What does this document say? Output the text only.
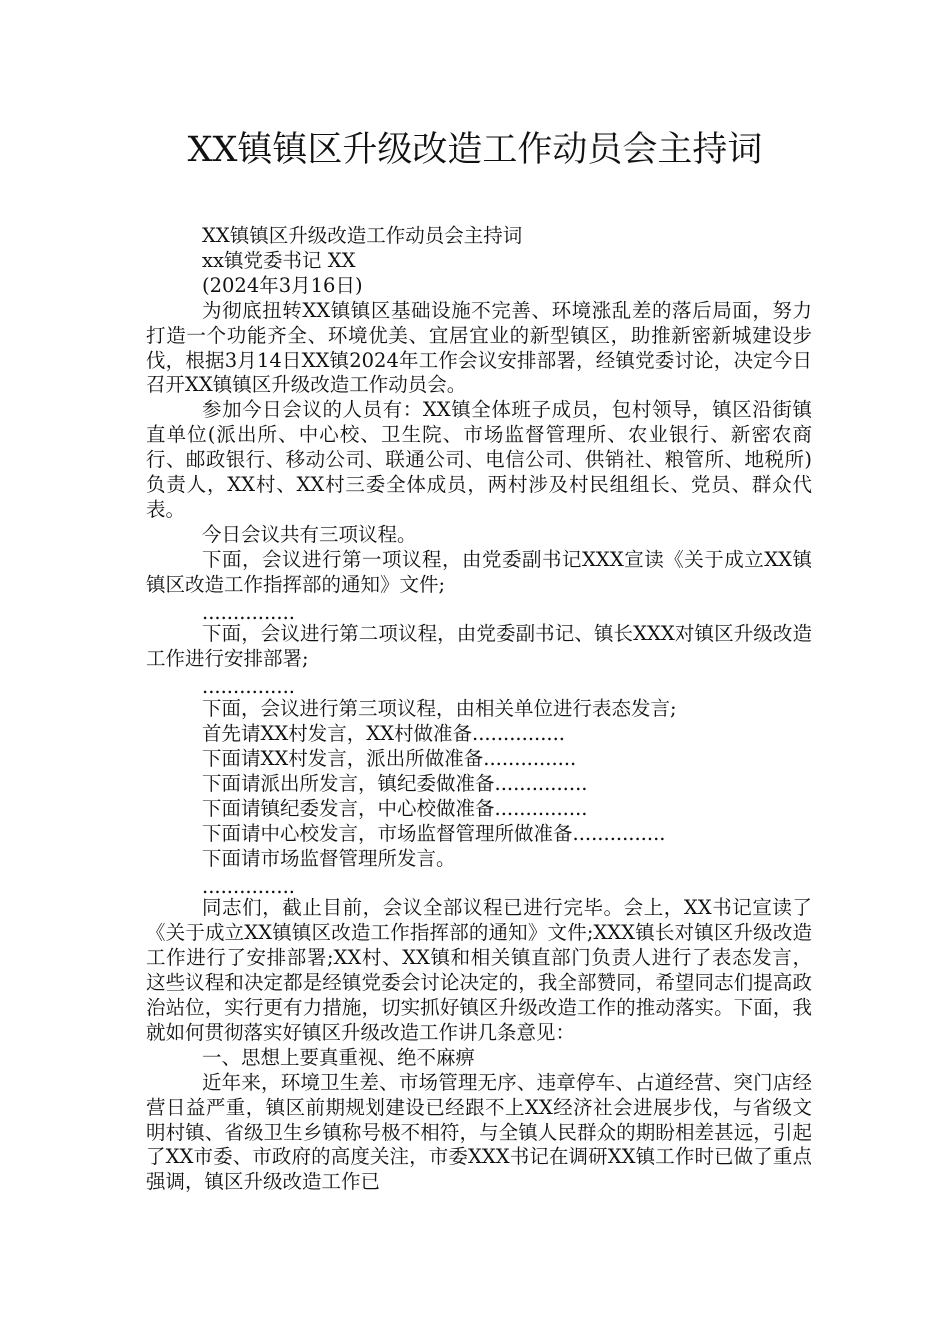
XX镇镇区升级改造工作动员会主持词

XX镇镇区升级改造工作动员会主持词

xx镇党委书记 XX

(2024年3月16日)

为彻底扭转XX镇镇区基础设施不完善、环境涨乱差的落后局面，努力打造一个功能齐全、环境优美、宜居宜业的新型镇区，助推新密新城建设步伐，根据3月14日XX镇2024年工作会议安排部署，经镇党委讨论，决定今日召开XX镇镇区升级改造工作动员会。

参加今日会议的人员有：XX镇全体班子成员，包村领导，镇区沿街镇直单位(派出所、中心校、卫生院、市场监督管理所、农业银行、新密农商行、邮政银行、移动公司、联通公司、电信公司、供销社、粮管所、地税所)负责人，XX村、XX村三委全体成员，两村涉及村民组组长、党员、群众代表。

今日会议共有三项议程。

下面，会议进行第一项议程，由党委副书记XXX宣读《关于成立XX镇镇区改造工作指挥部的通知》文件;

...............

下面，会议进行第二项议程，由党委副书记、镇长XXX对镇区升级改造工作进行安排部署;

...............

下面，会议进行第三项议程，由相关单位进行表态发言;

首先请XX村发言，XX村做准备...............

下面请XX村发言，派出所做准备...............

下面请派出所发言，镇纪委做准备...............

下面请镇纪委发言，中心校做准备...............

下面请中心校发言，市场监督管理所做准备...............

下面请市场监督管理所发言。

...............

同志们，截止目前，会议全部议程已进行完毕。会上，XX书记宣读了《关于成立XX镇镇区改造工作指挥部的通知》文件;XXX镇长对镇区升级改造工作进行了安排部署;XX村、XX镇和相关镇直部门负责人进行了表态发言，这些议程和决定都是经镇党委会讨论决定的，我全部赞同，希望同志们提高政治站位，实行更有力措施，切实抓好镇区升级改造工作的推动落实。下面，我就如何贯彻落实好镇区升级改造工作讲几条意见：

一、思想上要真重视、绝不麻痹

近年来，环境卫生差、市场管理无序、违章停车、占道经营、突门店经营日益严重，镇区前期规划建设已经跟不上XX经济社会进展步伐，与省级文明村镇、省级卫生乡镇称号极不相符，与全镇人民群众的期盼相差甚远，引起了XX市委、市政府的高度关注，市委XXX书记在调研XX镇工作时已做了重点强调，镇区升级改造工作已
